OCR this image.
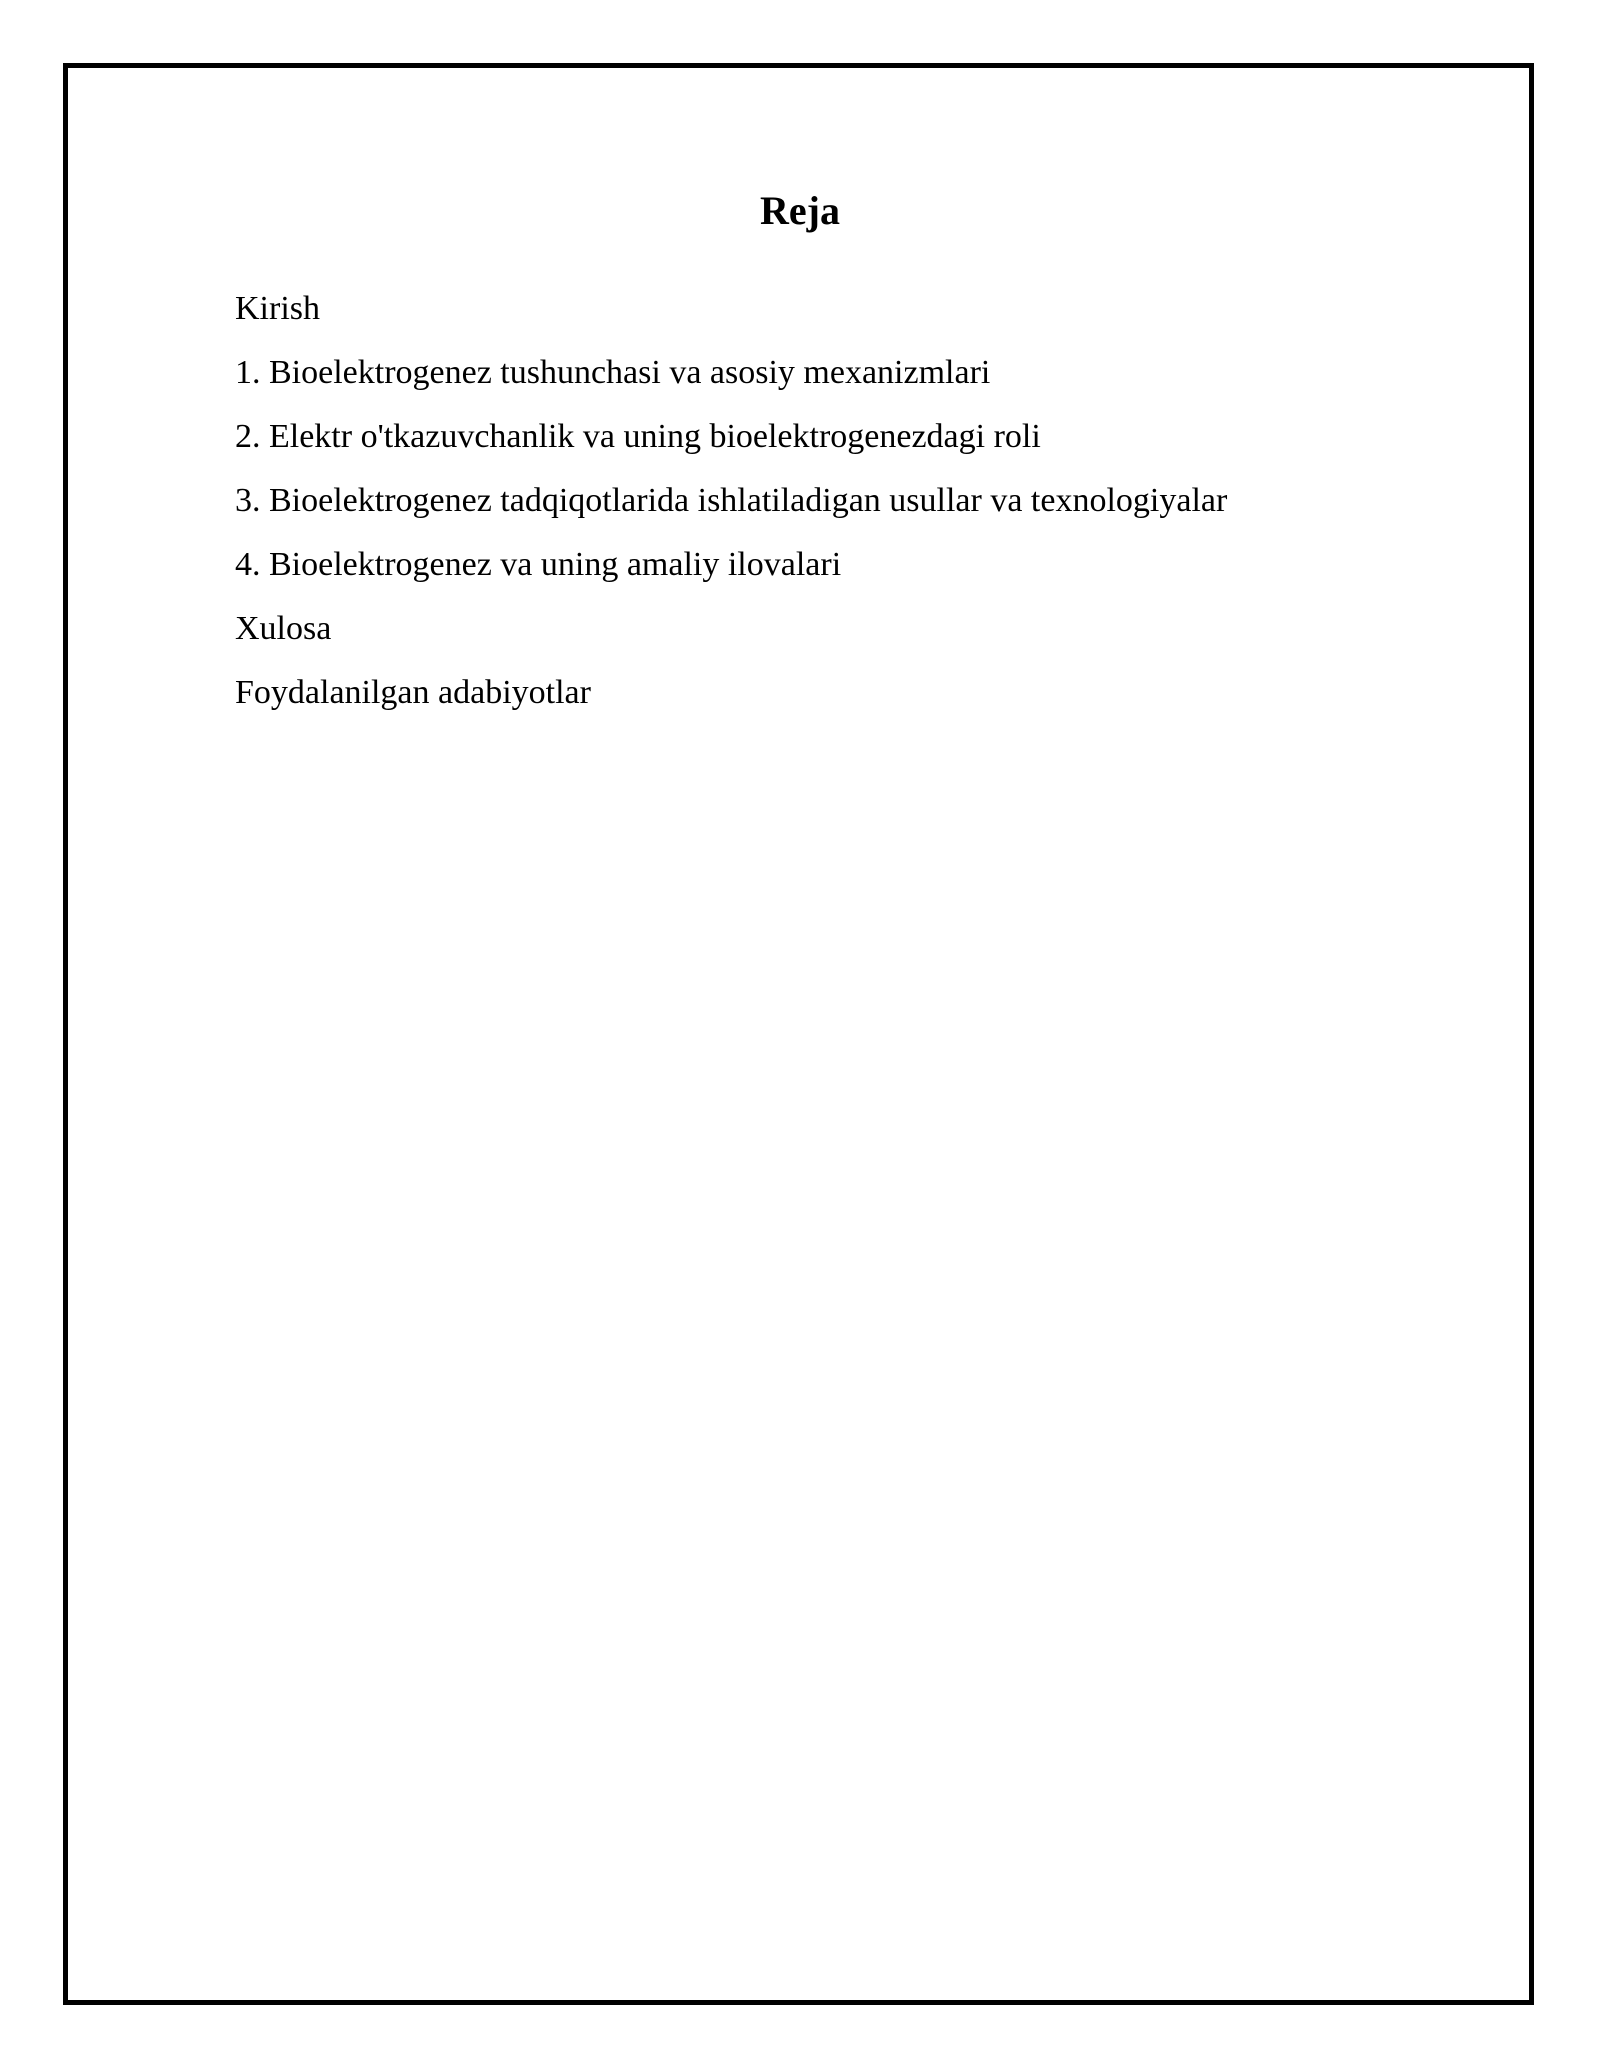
Reja
Kirish
1. Bioelektrogenez tushunchasi va asosiy mexanizmlari
2. Elektr o'tkazuvchanlik va uning bioelektrogenezdagi roli
3. Bioelektrogenez tadqiqotlarida ishlatiladigan usullar va texnologiyalar
4. Bioelektrogenez va uning amaliy ilovalari
Xulosa
Foydalanilgan adabiyotlar
